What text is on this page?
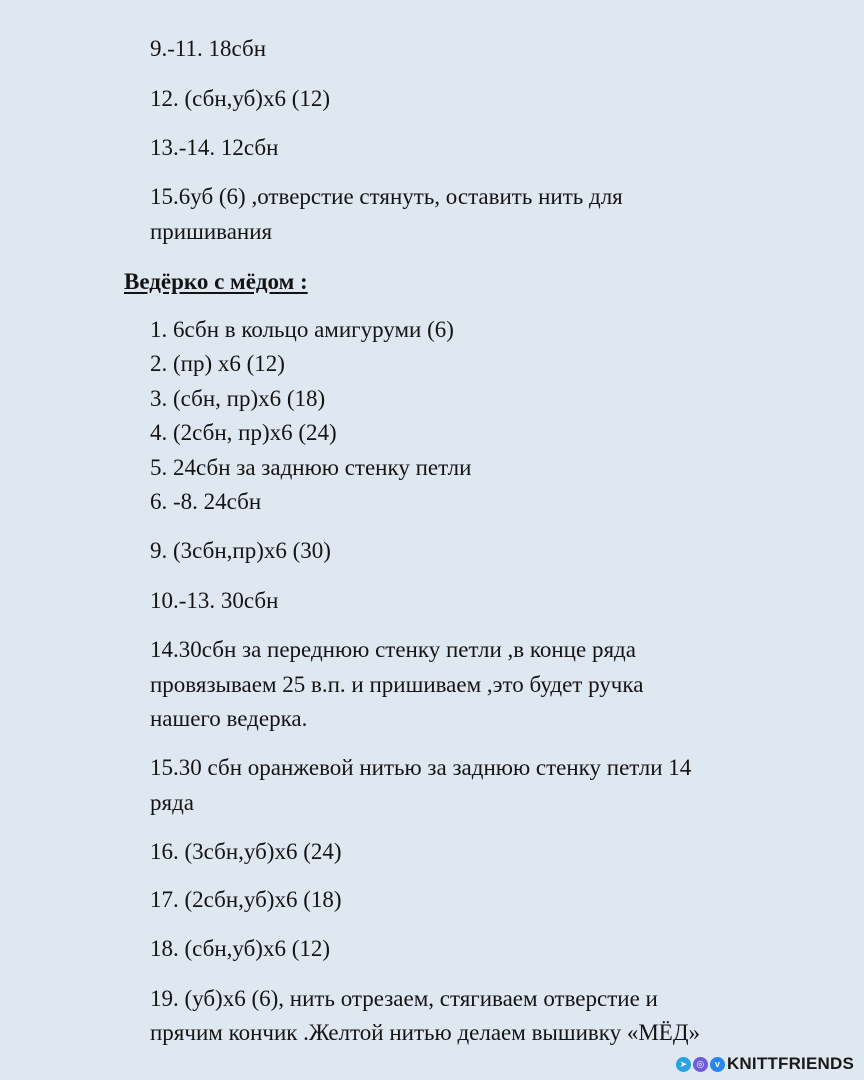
Ведёрко с мёдом :
9.-11. 18сбн
12. (сбн,уб)х6 (12)
13.-14. 12сбн
15.6уб (6) ,отверстие стянуть, оставить нить для
пришивания
1. 6сбн в кольцо амигуруми (6)
2. (пр) х6 (12)
3. (сбн, пр)х6 (18)
4. (2сбн, пр)х6 (24)
5. 24сбн за заднюю стенку петли
6. -8. 24сбн
9. (3сбн,пр)х6 (30)
10.-13. 30сбн
14.30сбн за переднюю стенку петли ,в конце ряда
провязываем 25 в.п. и пришиваем ,это будет ручка
нашего ведерка.
15.30 сбн оранжевой нитью за заднюю стенку петли 14
ряда
16. (3сбн,уб)х6 (24)
17. (2сбн,уб)х6 (18)
18. (сбн,уб)х6 (12)
19. (уб)х6 (6), нить отрезаем, стягиваем отверстие и
прячим кончик .Желтой нитью делаем вышивку «МЁД»
➤	◎	v KNITTFRIENDS
